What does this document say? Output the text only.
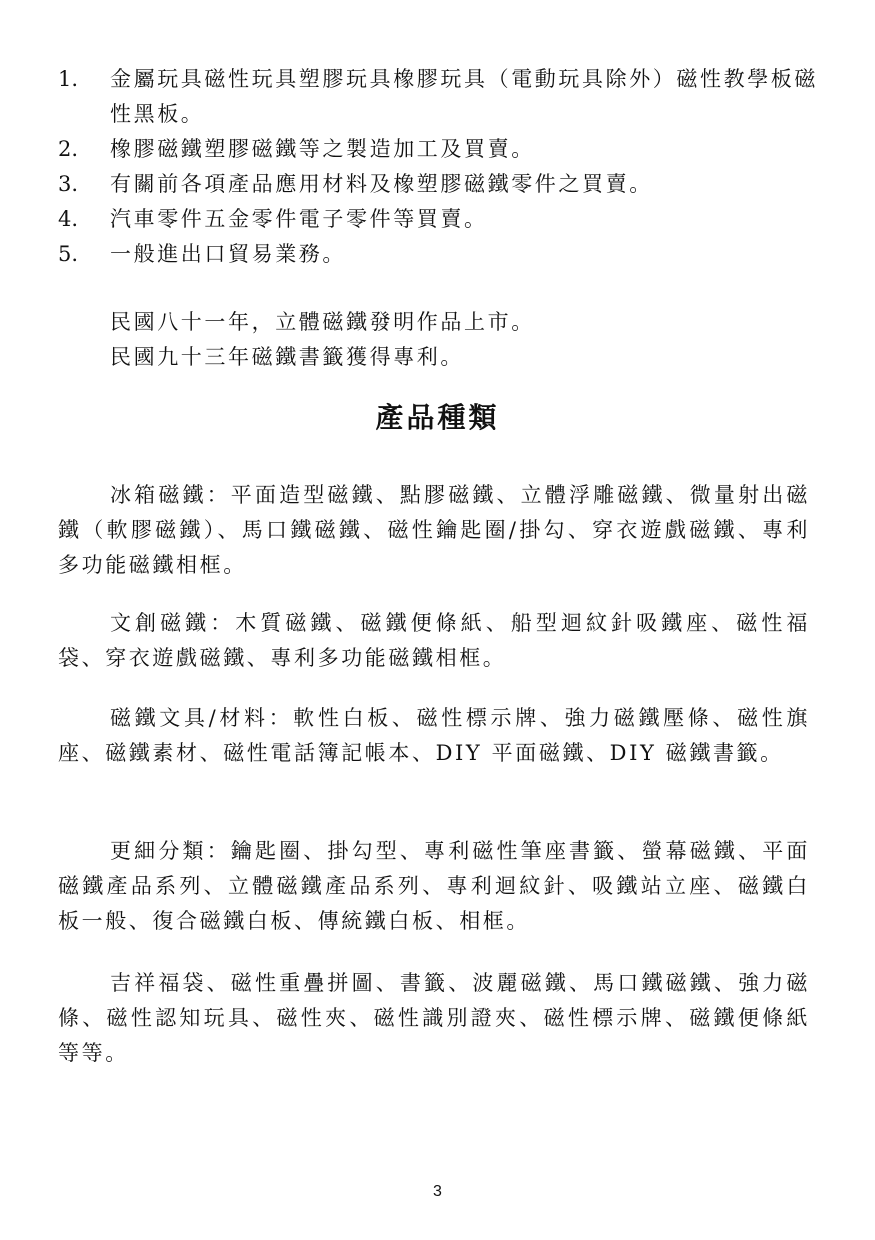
1.	金屬玩具磁性玩具塑膠玩具橡膠玩具（電動玩具除外）磁性教學板磁性黑板。
2.	橡膠磁鐵塑膠磁鐵等之製造加工及買賣。
3.	有關前各項產品應用材料及橡塑膠磁鐵零件之買賣。
4.	汽車零件五金零件電子零件等買賣。
5.	一般進出口貿易業務。
民國八十一年，立體磁鐵發明作品上市。
民國九十三年磁鐵書籤獲得專利。
產品種類

冰箱磁鐵：平面造型磁鐵、點膠磁鐵、立體浮雕磁鐵、微量射出磁鐵（軟膠磁鐵）、馬口鐵磁鐵、磁性鑰匙圈/掛勾、穿衣遊戲磁鐵、專利多功能磁鐵相框。

文創磁鐵：木質磁鐵、磁鐵便條紙、船型迴紋針吸鐵座、磁性福袋、穿衣遊戲磁鐵、專利多功能磁鐵相框。

磁鐵文具/材料：軟性白板、磁性標示牌、強力磁鐵壓條、磁性旗座、磁鐵素材、磁性電話簿記帳本、DIY 平面磁鐵、DIY 磁鐵書籤。

更細分類：鑰匙圈、掛勾型、專利磁性筆座書籤、螢幕磁鐵、平面磁鐵產品系列、立體磁鐵產品系列、專利迴紋針、吸鐵站立座、磁鐵白板一般、復合磁鐵白板、傳統鐵白板、相框。

吉祥福袋、磁性重疊拼圖、書籤、波麗磁鐵、馬口鐵磁鐵、強力磁條、磁性認知玩具、磁性夾、磁性識別證夾、磁性標示牌、磁鐵便條紙等等。

3
